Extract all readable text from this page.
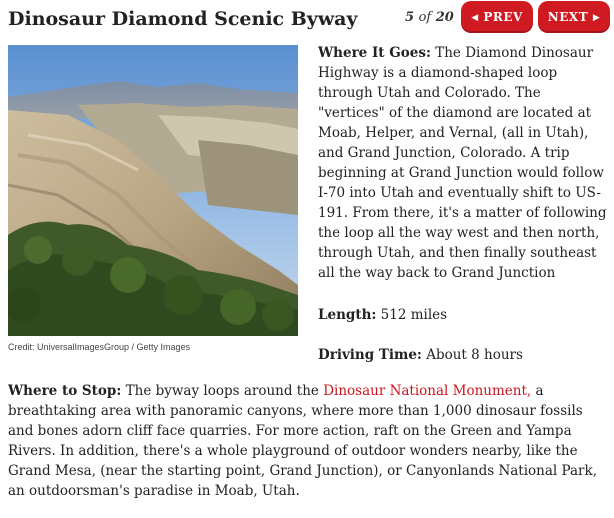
Dinosaur Diamond Scenic Byway	5 of 20	◀ PREV	NEXT ▶
Credit: UniversalImagesGroup / Getty Images
Where It Goes: The Diamond Dinosaur Highway is a diamond-shaped loop through Utah and Colorado. The "vertices" of the diamond are located at Moab, Helper, and Vernal, (all in Utah), and Grand Junction, Colorado. A trip beginning at Grand Junction would follow I-70 into Utah and eventually shift to US-191. From there, it's a matter of following the loop all the way west and then north, through Utah, and then finally southeast all the way back to Grand Junction
Length: 512 miles
Driving Time: About 8 hours
Where to Stop: The byway loops around the Dinosaur National Monument, a breathtaking area with panoramic canyons, where more than 1,000 dinosaur fossils and bones adorn cliff face quarries. For more action, raft on the Green and Yampa Rivers. In addition, there's a whole playground of outdoor wonders nearby, like the Grand Mesa, (near the starting point, Grand Junction), or Canyonlands National Park, an outdoorsman's paradise in Moab, Utah.
